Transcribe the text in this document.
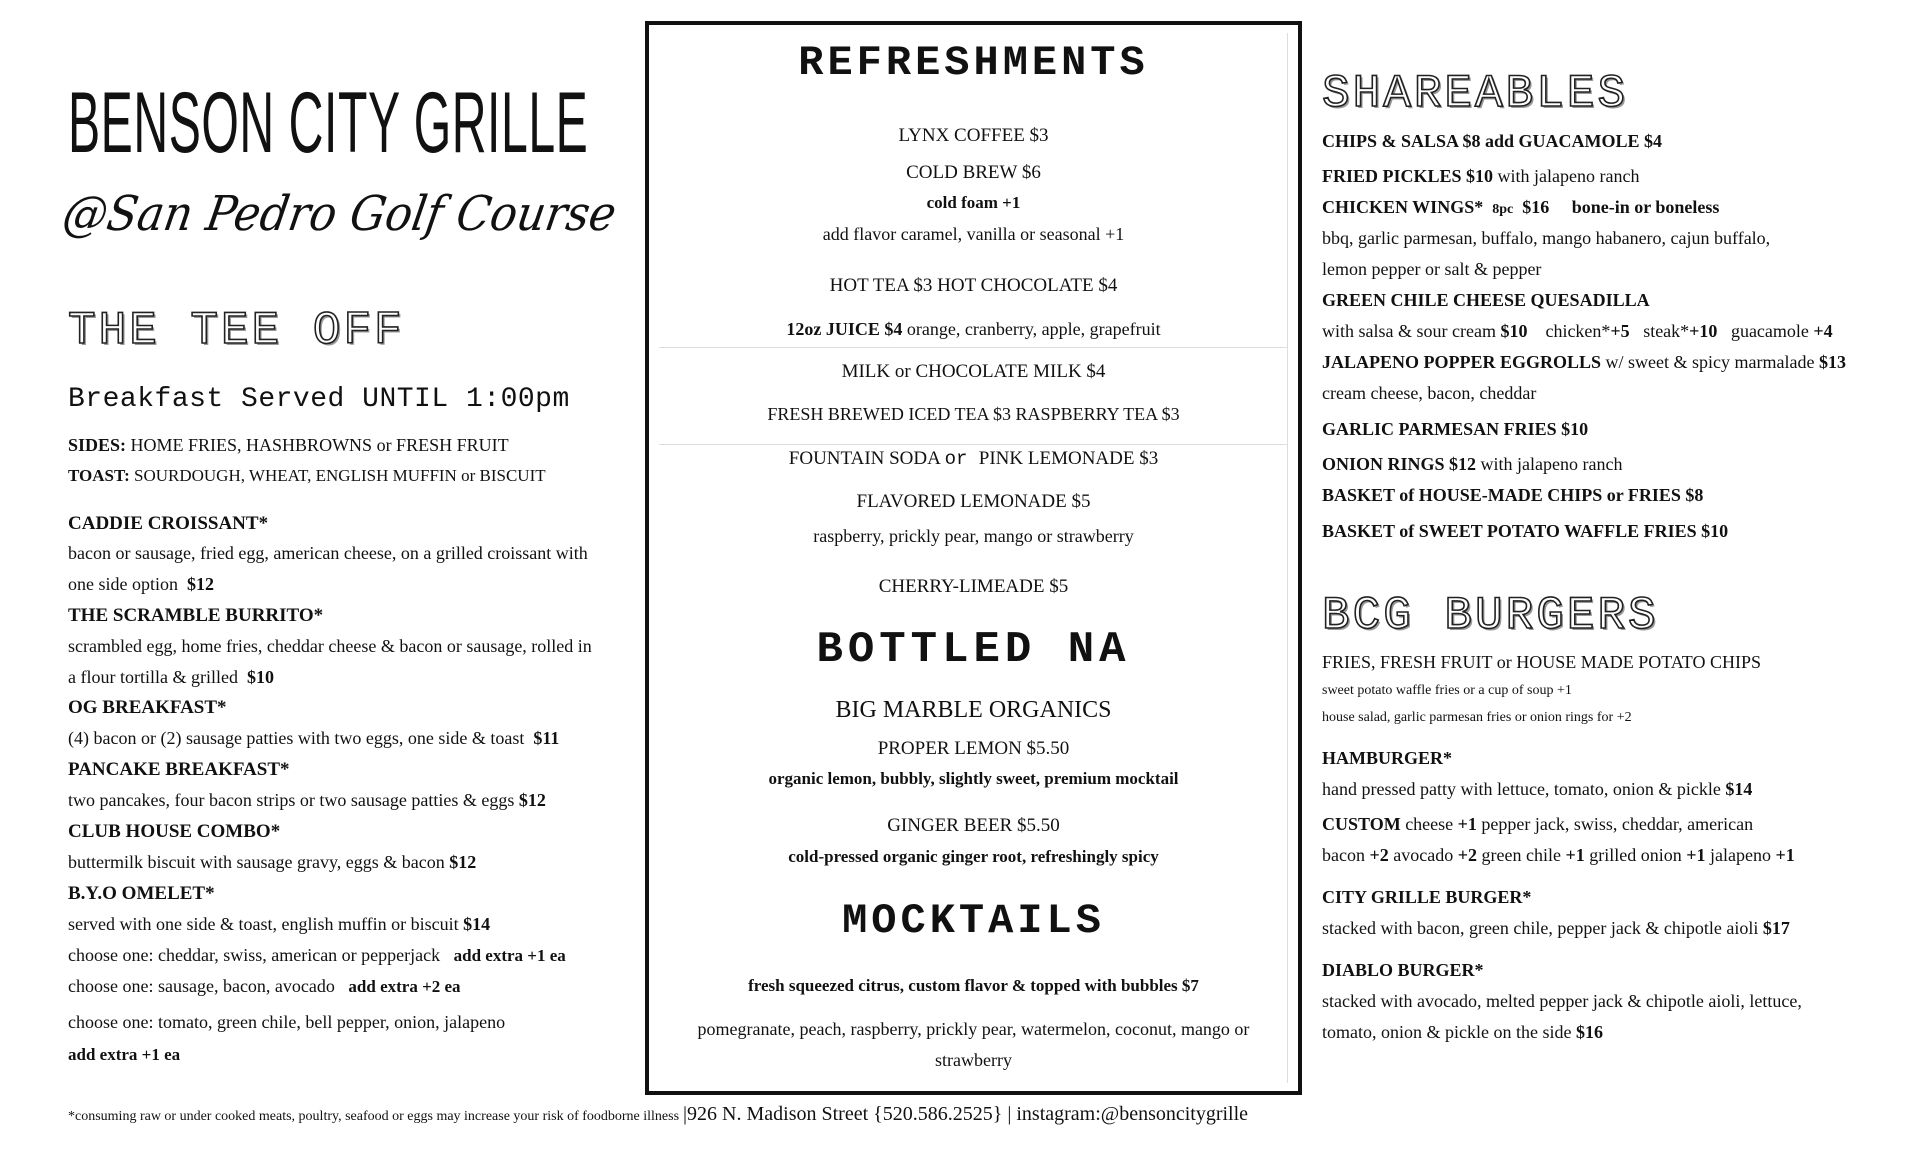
BENSON CITY GRILLE
@San Pedro Golf Course
THE TEE OFF
Breakfast Served UNTIL 1:00pm
SIDES: HOME FRIES, HASHBROWNS or FRESH FRUIT
TOAST: SOURDOUGH, WHEAT, ENGLISH MUFFIN or BISCUIT
CADDIE CROISSANT*
bacon or sausage, fried egg, american cheese, on a grilled croissant with
one side option $12
THE SCRAMBLE BURRITO*
scrambled egg, home fries, cheddar cheese & bacon or sausage, rolled in
a flour tortilla & grilled $10
OG BREAKFAST*
(4) bacon or (2) sausage patties with two eggs, one side & toast $11
PANCAKE BREAKFAST*
two pancakes, four bacon strips or two sausage patties & eggs $12
CLUB HOUSE COMBO*
buttermilk biscuit with sausage gravy, eggs & bacon $12
B.Y.O OMELET*
served with one side & toast, english muffin or biscuit $14
choose one: cheddar, swiss, american or pepperjack add extra +1 ea
choose one: sausage, bacon, avocado add extra +2 ea
choose one: tomato, green chile, bell pepper, onion, jalapeno
add extra +1 ea
REFRESHMENTS
LYNX COFFEE $3
COLD BREW $6
cold foam +1
add flavor caramel, vanilla or seasonal +1
HOT TEA $3 HOT CHOCOLATE $4
12oz JUICE $4 orange, cranberry, apple, grapefruit
MILK or CHOCOLATE MILK $4
FRESH BREWED ICED TEA $3 RASPBERRY TEA $3
FOUNTAIN SODA or PINK LEMONADE $3
FLAVORED LEMONADE $5
raspberry, prickly pear, mango or strawberry
CHERRY-LIMEADE $5
BOTTLED NA
BIG MARBLE ORGANICS
PROPER LEMON $5.50
organic lemon, bubbly, slightly sweet, premium mocktail
GINGER BEER $5.50
cold-pressed organic ginger root, refreshingly spicy
MOCKTAILS
fresh squeezed citrus, custom flavor & topped with bubbles $7
pomegranate, peach, raspberry, prickly pear, watermelon, coconut, mango or
strawberry
SHAREABLES
CHIPS & SALSA $8 add GUACAMOLE $4
FRIED PICKLES $10 with jalapeno ranch
CHICKEN WINGS* 8pc $16 bone-in or boneless
bbq, garlic parmesan, buffalo, mango habanero, cajun buffalo,
lemon pepper or salt & pepper
GREEN CHILE CHEESE QUESADILLA
with salsa & sour cream $10 chicken*+5 steak*+10 guacamole +4
JALAPENO POPPER EGGROLLS w/ sweet & spicy marmalade $13
cream cheese, bacon, cheddar
GARLIC PARMESAN FRIES $10
ONION RINGS $12 with jalapeno ranch
BASKET of HOUSE-MADE CHIPS or FRIES $8
BASKET of SWEET POTATO WAFFLE FRIES $10
BCG BURGERS
FRIES, FRESH FRUIT or HOUSE MADE POTATO CHIPS
sweet potato waffle fries or a cup of soup +1
house salad, garlic parmesan fries or onion rings for +2
HAMBURGER*
hand pressed patty with lettuce, tomato, onion & pickle $14
CUSTOM cheese +1 pepper jack, swiss, cheddar, american
bacon +2 avocado +2 green chile +1 grilled onion +1 jalapeno +1
CITY GRILLE BURGER*
stacked with bacon, green chile, pepper jack & chipotle aioli $17
DIABLO BURGER*
stacked with avocado, melted pepper jack & chipotle aioli, lettuce,
tomato, onion & pickle on the side $16
*consuming raw or under cooked meats, poultry, seafood or eggs may increase your risk of foodborne illness |926 N. Madison Street {520.586.2525} | instagram:@bensoncitygrille
